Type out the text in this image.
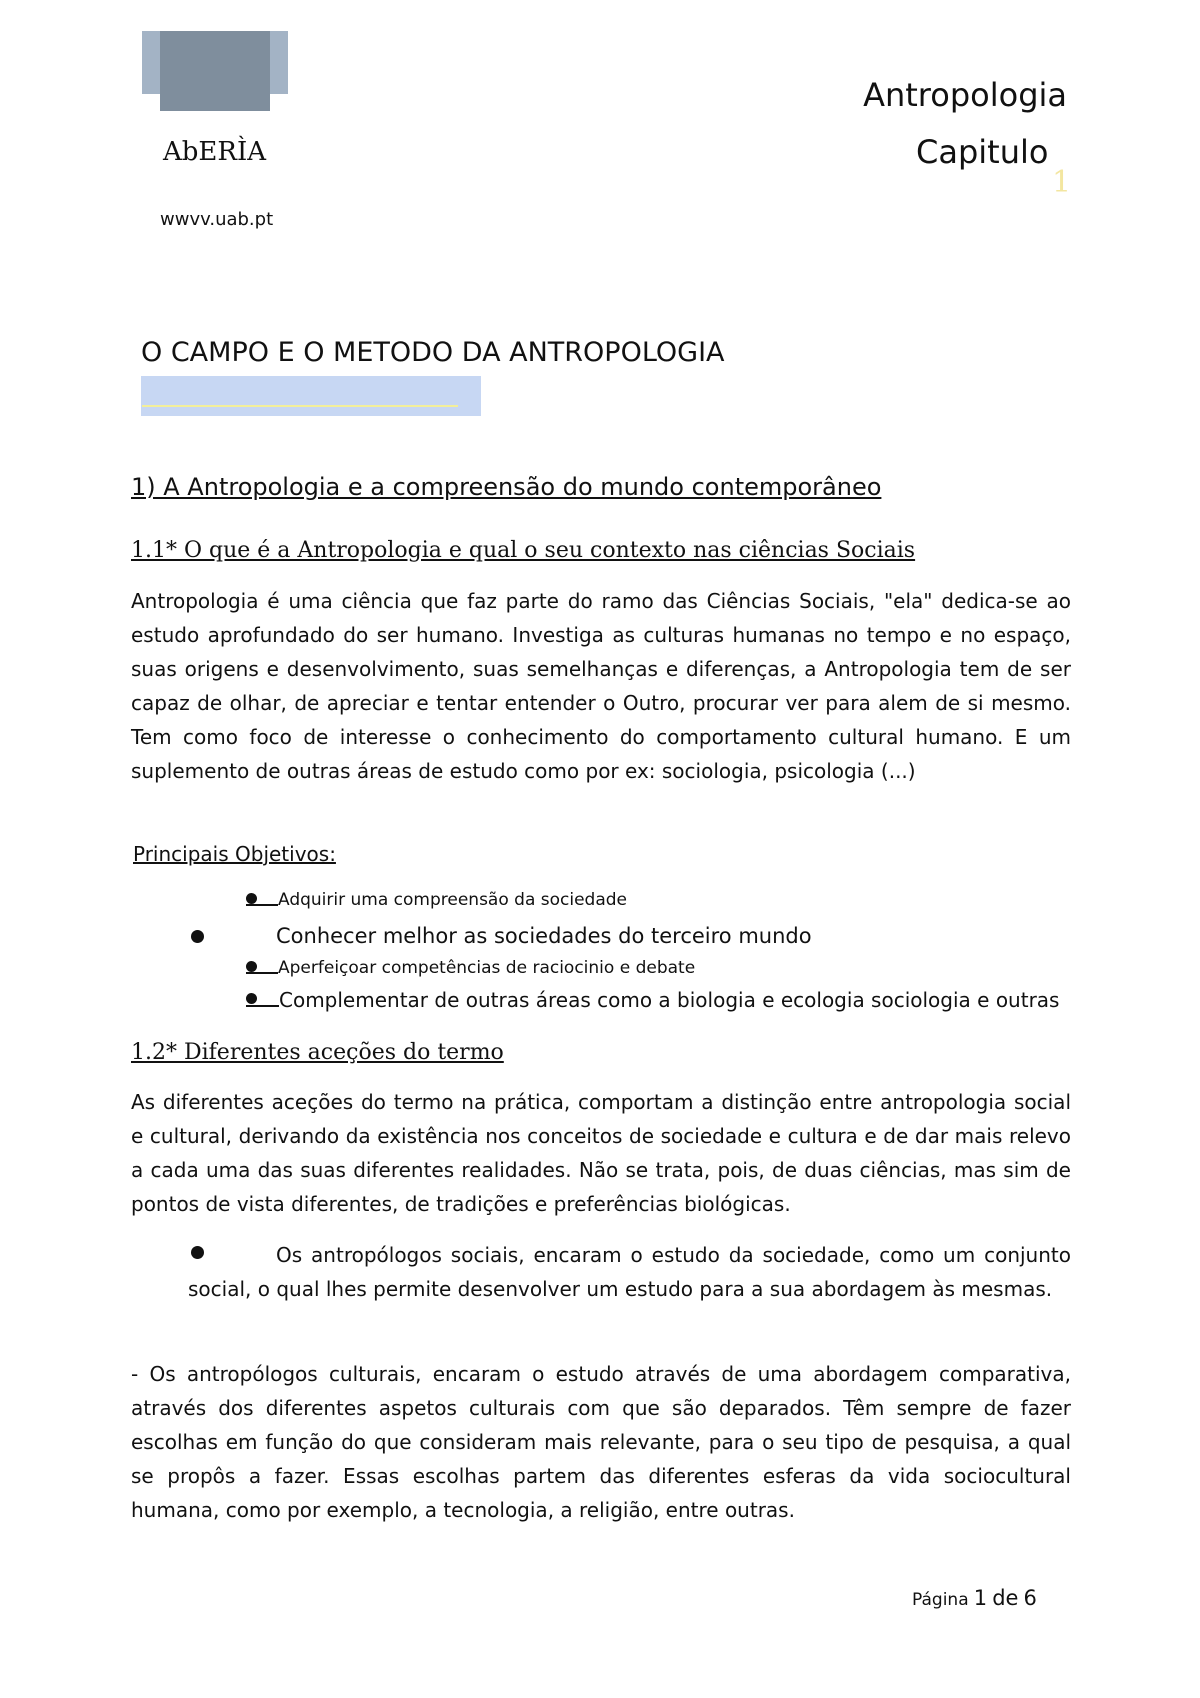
AbERÌA
wwvv.uab.pt
Antropologia
Capitulo
1
O CAMPO E O METODO DA ANTROPOLOGIA
1) A Antropologia e a compreensão do mundo contemporâneo
1.1* O que é a Antropologia e qual o seu contexto nas ciências Sociais
Antropologia é uma ciência que faz parte do ramo das Ciências Sociais, "ela" dedica-se ao estudo aprofundado do ser humano. Investiga as culturas humanas no tempo e no espaço, suas origens e desenvolvimento, suas semelhanças e diferenças, a Antropologia tem de ser capaz de olhar, de apreciar e tentar entender o Outro, procurar ver para alem de si mesmo. Tem como foco de interesse o conhecimento do comportamento cultural humano. E um suplemento de outras áreas de estudo como por ex: sociologia, psicologia (...)
Principais Objetivos:
Adquirir uma compreensão da sociedade
Conhecer melhor as sociedades do terceiro mundo
Aperfeiçoar competências de raciocinio e debate
Complementar de outras áreas como a biologia e ecologia sociologia e outras
1.2* Diferentes aceções do termo
As diferentes aceções do termo na prática, comportam a distinção entre antropologia social e cultural, derivando da existência nos conceitos de sociedade e cultura e de dar mais relevo a cada uma das suas diferentes realidades. Não se trata, pois, de duas ciências, mas sim de pontos de vista diferentes, de tradições e preferências biológicas.
Os antropólogos sociais, encaram o estudo da sociedade, como um conjunto social, o qual lhes permite desenvolver um estudo para a sua abordagem às mesmas.
- Os antropólogos culturais, encaram o estudo através de uma abordagem comparativa, através dos diferentes aspetos culturais com que são deparados. Têm sempre de fazer escolhas em função do que consideram mais relevante, para o seu tipo de pesquisa, a qual se propôs a fazer. Essas escolhas partem das diferentes esferas da vida sociocultural humana, como por exemplo, a tecnologia, a religião, entre outras.
Página 1 de 6
